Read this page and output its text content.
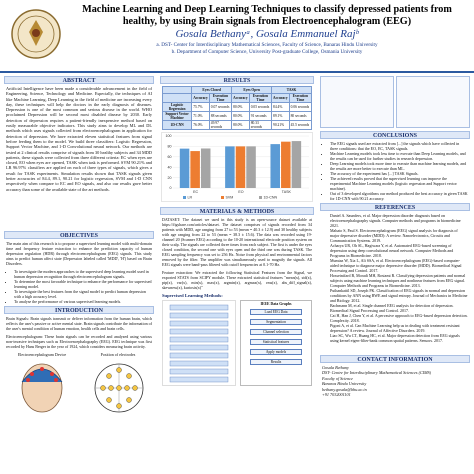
Machine Learning and Deep Learning Techniques to classify depressed patients from healthy, by using Brain signals from Electroencephalogram (EEG)
Gosala Bethanyᵃ, Gosala Emmanuel Rajᵇ
a. DST- Center for Interdisciplinary Mathematical Sciences, Faculty of Science, Banaras Hindu University
b. Department of Computer Science, University Post-graduate College, Osmania University
ABSTRACT
Artificial Intelligence have been made a considerable advancement in the field of Engineering, Science, Technology and Medicine. Especially, the techniques of AI like Machine Learning, Deep Learning in the field of medicine are increasing every day, these techniques will help the doctors in the early diagnosis of diseases. Depression is one of the most common and serious disease in the world. WHO proclaimed Depression will be second most disabled disease by 2030. Early detection of depression requires a patient-friendly inexpensive method based on easily measurable objective indicators. This study aims to develop ML and DL methods which uses signals collected from electroencephalogram in application for detection of depression. We have extracted eleven statistical features from signal before feeding them to the model. We build three classifiers: Logistic Regression, Support Vector Machine, and 1-D Convolutional neural network. Our methods are tested at 2 clinical results comprise of signals from 30 healthy subjects and 34 MDD patients, these signals were collected from three different criteria: EC when eyes are closed, EO when eyes are opened, TASK when task is performed. SVM 90.21% and LR 96.97% classifiers are applied on each of three types of signals, which gives a result for TASK experiments. Simulation results shown that TASK signals given better accuracies of 84.4, 89.1, 90.21 for logistic regression, SVM and 1-D CNN respectively when compare to EC and EO signals, and also our results gave better accuracy than some of the available state of the art methods.
OBJECTIVES
The main aim of this research is to propose a supervised learning model with multi-domain time and frequency feature extraction to enhance the prediction capacity of human depression regulation (HDR) through electroencephalogram (EEG) signals. This study aims to predict human affect state (Depression labeled called 'MDD', 'H') based on Brain Disorders.
• To investigate the modern approaches to the supervised deep learning model used in human depression recognition through electroencephalogram signals.
• To determine the most favorable technique to enhance the performance for supervised learning model.
• To investigate the best features from the signal model to predict human depression with a high accuracy level.
• To analyse the performance of various supervised learning models.
INTRODUCTION
Brain Signals: Brain signals transmit or deliver information from the human brain, which reflects the user's passive or active mental state. Brain signals contribute the information of the user's mental condition of human emotion, health cells and brain cells.
Electroencephalogram: These brain signals can be recorded and analyzed using various non-invasive techniques such as Electroencephalography (EEG). EEG technique was first recorded by Hans Berger in the year of 1924, which considers measuring brain activity.
Electroencephalogram Device	Position of electrodes
RESULTS
	Eyes Closed		Eyes Open		TASK	
	Accuracy	Execution Time	Accuracy	Execution Time	Accuracy	Execution Time
Logistic Regression	75.7%	0.07 seconds	80.0%	0.05 seconds	84.4%	0.06 seconds
Support Vector Machine	71.0%	88 seconds	80.0%	91 seconds	89.1%	80 seconds
1D-CNN	76.0%	49.97 seconds	80.0%	80.33 seconds	90.21%	45.5 seconds
0
20
40
60
80
100
EC	EO	TASK
LR	SVM	1D-CNN
MATERIALS & METHODS
DATASET: The dataset we used in this study is an open-source dataset available at https://figshare.com/articles/dataset. The dataset comprises of signals recorded from 34 patients with MDD, age ranging from 27 to 53 (mean = 40.3 ± 12.9) and 30 healthy subjects with age ranging from 22 to 53 (mean = 38.3 ± 15.6). The data was recorded using 19-channel 20 (Scanner EEG) according to the 10-20 international electrode position system on their scalp. The signals are collected three times from each subject. The first is under the eyes closed condition, the second one with eyes open and the third one was during TASK. The EEG sampling frequency was set to 256 Hz. Noise from physical and environmental factors removed by the filter. The amplifier was simultaneously used to magnify the signals. All EEG signals were band-pass filtered with cutoff frequencies at 0.1-70 Hz.
Feature extraction: We extracted the following Statistical Features from the Signal, we exported STATS from SCIPY module. These extracted statistical features "mean(x), std(x), ptp(x), var(x), min(x), max(x), argmin(x), argmax(x), rms(x), abs_diff_signal(x), skewness(x), kurtosis(x)"
Supervised Learning Methods:
IEEE Data Graphs
Load EEG Data
Segmentation
Channel selection
Statistical features
Apply models
Results
CONCLUSIONS
• The EEG signals used are extracted from [...] the signals which have collected in three conditions: that the EO, EC, TASK signals.
• Machine Learning models took less time to execute than Deep Learning models, and the results can be used for further studies in research depression.
• Deep Learning models took more time to execute than machine learning models, and the results are more better to execute than ML.
• The accuracy of the experiment has [...] TASK Signals.
• The achieved results proved that the supervised learning can improve the experimental Machine Learning models (logistic regression and Support vector machine).
• Out of 3 developed algorithms our method produced the best accuracy in given TASK for 1D-CNN with 90.21 accuracy.
REFERENCES
1. Daniel A. Saunders, et al. Major depression disorder diagnosis based on electroencephalography signals. Computer methods and programs in biomedicine 2021.
2. Mahato S, Paul S. Electroencephalogram (EEG) signal analysis for diagnosis of major depressive disorder (MDD): A review. Nanoelectronics, Circuits and Communication Systems. 2019.
3. Acharya UR, Oh SL, Hagiwara Y, et al. Automated EEG-based screening of depression using deep convolutional neural network. Computer Methods and Programs in Biomedicine. 2018.
4. Mumtaz W, Xia L, Ali SSA, et al. Electroencephalogram (EEG)-based computer-aided technique to diagnose major depressive disorder (MDD). Biomedical Signal Processing and Control. 2017.
5. Hosseinifard B, Moradi MH, Rostami R. Classifying depression patients and normal subjects using machine learning techniques and nonlinear features from EEG signal. Computer Methods and Programs in Biomedicine. 2013.
6. Puthankattil SD, Joseph PK. Classification of EEG signals in normal and depression conditions by ANN using RWE and signal entropy. Journal of Mechanics in Medicine and Biology. 2012.
7. Bachmann M, et al. Single channel EEG analysis for detection of depression. Biomedical Signal Processing and Control. 2017.
8. Cai H, Han J, Chen Y, et al. A pervasive approach to EEG-based depression detection. Complexity. 2018.
9. Pigoni A, et al. Can Machine Learning help us in dealing with treatment resistant depression? A review. Journal of Affective Disorders. 2019.
10. Liao SC, Wu CT, Huang HC, et al. Major depression detection from EEG signals using kernel eigen-filter-bank common spatial patterns. Sensors. 2017.
CONTACT INFORMATION
Gosala Bethany
DST- Centre for Interdisciplinary Mathematical Sciences (CIMS)
Faculty of Science
Banaras Hindu University
bethany.gosala@bhu.ac.in
+91 7032001101
